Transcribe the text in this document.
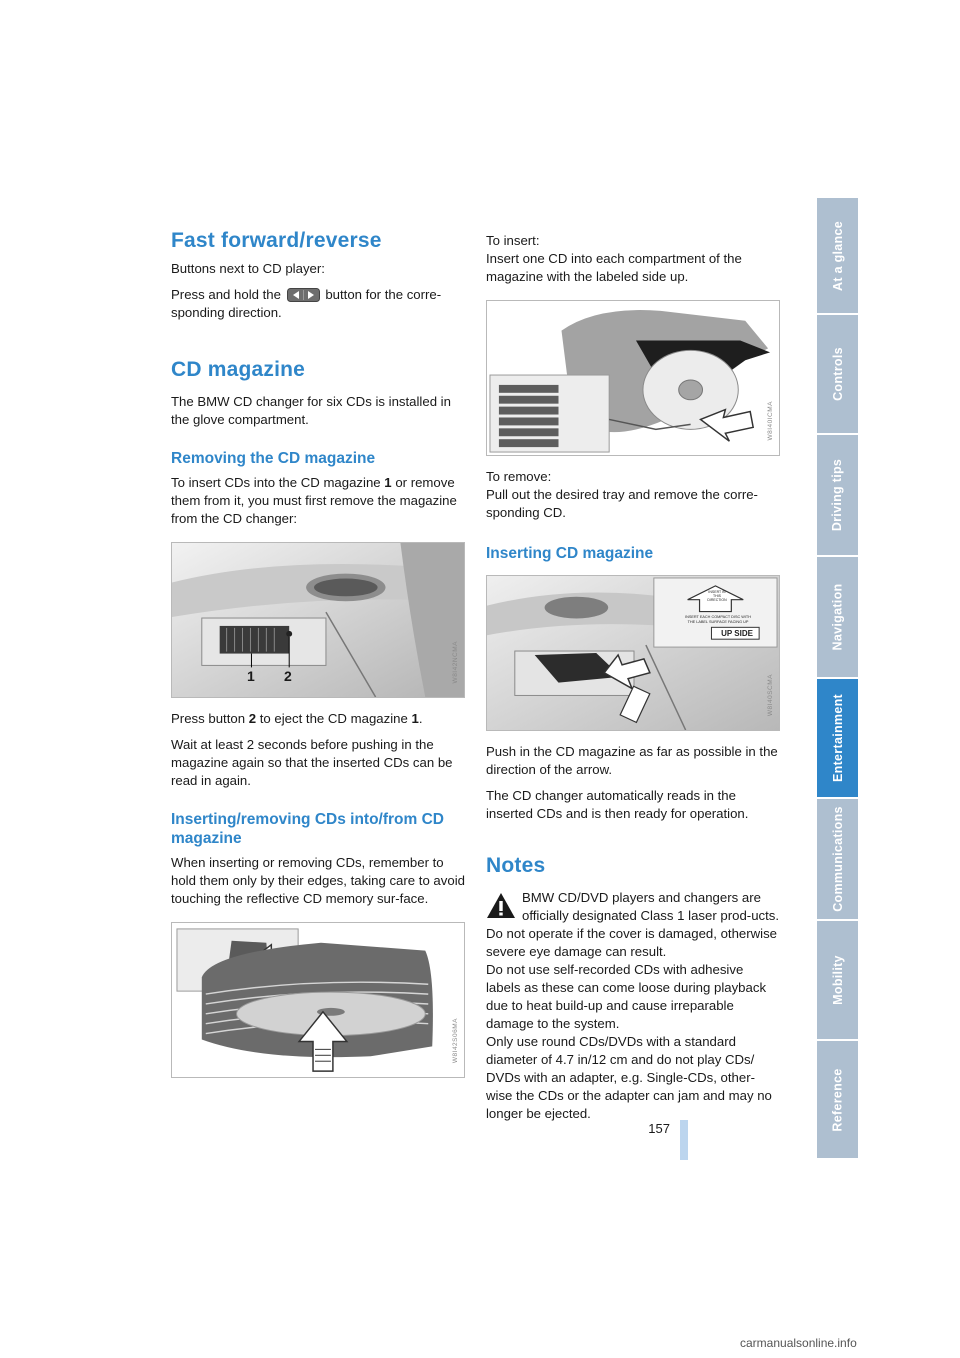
Fast forward/reverse

Buttons next to CD player:

Press and hold the	button for the corre-sponding direction.

CD magazine

The BMW CD changer for six CDs is installed in the glove compartment.

Removing the CD magazine

To insert CDs into the CD magazine 1 or remove them from it, you must first remove the magazine from the CD changer:

1 2	W8I42NCMA

Press button 2 to eject the CD magazine 1.

Wait at least 2 seconds before pushing in the magazine again so that the inserted CDs can be read in again.

Inserting/removing CDs into/from CD magazine

When inserting or removing CDs, remember to hold them only by their edges, taking care to avoid touching the reflective CD memory sur-face.

W8I42S06MA

To insert:

Insert one CD into each compartment of the magazine with the labeled side up.

W8I40ICMA

To remove:

Pull out the desired tray and remove the corre-sponding CD.

Inserting CD magazine
INSERT IN
THIS DIRECTION
INSERT EACH COMPACT DISC WITH
THE LABEL SURFACE FACING UP
UP SIDE
W8I40SCMA

Push in the CD magazine as far as possible in the direction of the arrow.

The CD changer automatically reads in the inserted CDs and is then ready for operation.

Notes

BMW CD/DVD players and changers are officially designated Class 1 laser prod-ucts. Do not operate if the cover is damaged, otherwise severe eye damage can result.

Do not use self-recorded CDs with adhesive labels as these can come loose during playback due to heat build-up and cause irreparable damage to the system.

Only use round CDs/DVDs with a standard diameter of 4.7 in/12 cm and do not play CDs/ DVDs with an adapter, e.g. Single-CDs, other-wise the CDs or the adapter can jam and may no longer be ejected.

At a glance
Controls
Driving tips
Navigation
Entertainment
Communications
Mobility
Reference
157
carmanualsonline.info
